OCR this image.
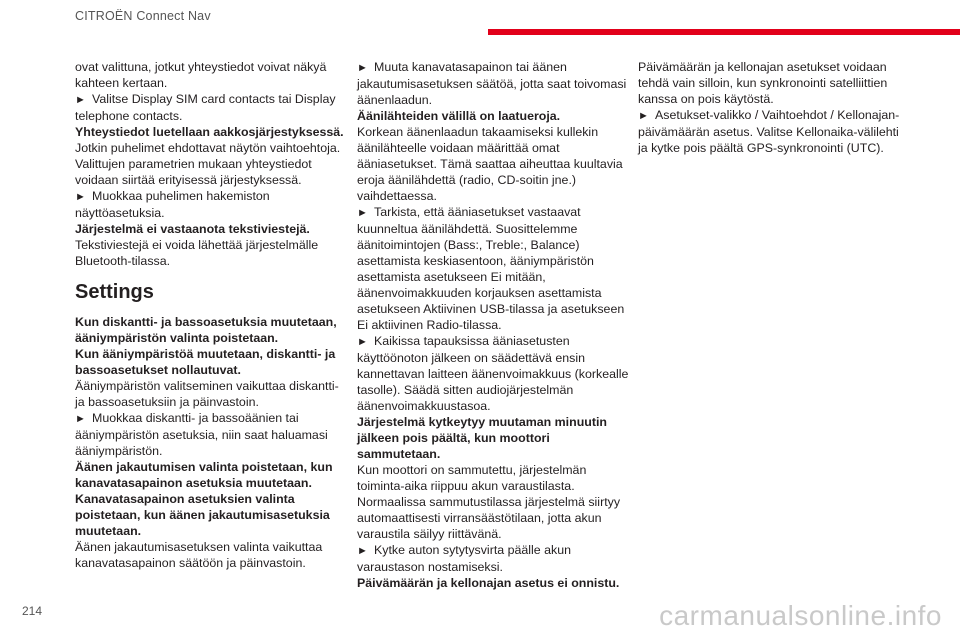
CITROËN Connect Nav

ovat valittuna, jotkut yhteystiedot voivat näkyä kahteen kertaan.

►  Valitse Display SIM card contacts tai Display telephone contacts.

Yhteystiedot luetellaan aakkosjärjestyksessä.

Jotkin puhelimet ehdottavat näytön vaihtoehtoja. Valittujen parametrien mukaan yhteystiedot voidaan siirtää erityisessä järjestyksessä.

►  Muokkaa puhelimen hakemiston näyttöasetuksia.

Järjestelmä ei vastaanota tekstiviestejä.

Tekstiviestejä ei voida lähettää järjestelmälle Bluetooth-tilassa.

Settings

Kun diskantti- ja bassoasetuksia muutetaan, ääniympäristön valinta poistetaan.

Kun ääniympäristöä muutetaan, diskantti- ja bassoasetukset nollautuvat.

Ääniympäristön valitseminen vaikuttaa diskantti- ja bassoasetuksiin ja päinvastoin.

►  Muokkaa diskantti- ja bassoäänien tai ääniympäristön asetuksia, niin saat haluamasi ääniympäristön.

Äänen jakautumisen valinta poistetaan, kun kanavatasapainon asetuksia muutetaan.

Kanavatasapainon asetuksien valinta poistetaan, kun äänen jakautumisasetuksia muutetaan.

Äänen jakautumisasetuksen valinta vaikuttaa kanavatasapainon säätöön ja päinvastoin.

►  Muuta kanavatasapainon tai äänen jakautumisasetuksen säätöä, jotta saat toivomasi äänenlaadun.

Äänilähteiden välillä on laatueroja.

Korkean äänenlaadun takaamiseksi kullekin äänilähteelle voidaan määrittää omat ääniasetukset. Tämä saattaa aiheuttaa kuultavia eroja äänilähdettä (radio, CD-soitin jne.) vaihdettaessa.

►  Tarkista, että ääniasetukset vastaavat kuunneltua äänilähdettä. Suosittelemme äänitoimintojen (Bass:, Treble:, Balance) asettamista keskiasentoon, ääniympäristön asettamista asetukseen Ei mitään, äänenvoimakkuuden korjauksen asettamista asetukseen Aktiivinen USB-tilassa ja asetukseen Ei aktiivinen Radio-tilassa.

►  Kaikissa tapauksissa ääniasetusten käyttöönoton jälkeen on säädettävä ensin kannettavan laitteen äänenvoimakkuus (korkealle tasolle). Säädä sitten audiojärjestelmän äänenvoimakkuustasoa.

Järjestelmä kytkeytyy muutaman minuutin jälkeen pois päältä, kun moottori sammutetaan.

Kun moottori on sammutettu, järjestelmän toiminta-aika riippuu akun varaustilasta. Normaalissa sammutustilassa järjestelmä siirtyy automaattisesti virransäästötilaan, jotta akun varaustila säilyy riittävänä.

►  Kytke auton sytytysvirta päälle akun varaustason nostamiseksi.

Päivämäärän ja kellonajan asetus ei onnistu.

Päivämäärän ja kellonajan asetukset voidaan tehdä vain silloin, kun synkronointi satelliittien kanssa on pois käytöstä.

►  Asetukset-valikko / Vaihtoehdot / Kellonajan-päivämäärän asetus. Valitse Kellonaika-välilehti ja kytke pois päältä GPS-synkronointi (UTC).

214	carmanualsonline.info
